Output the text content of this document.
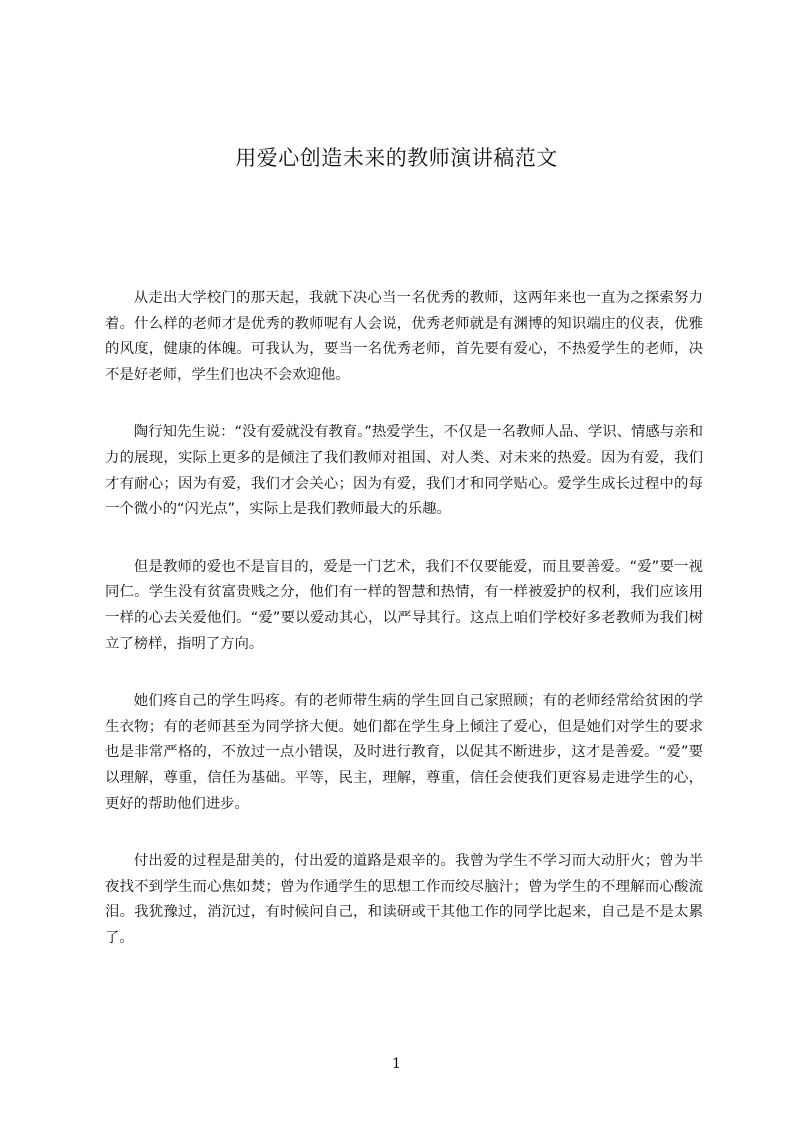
用爱心创造未来的教师演讲稿范文

从走出大学校门的那天起，我就下决心当一名优秀的教师，这两年来也一直为之探索努力着。什么样的老师才是优秀的教师呢有人会说，优秀老师就是有渊博的知识端庄的仪表，优雅的风度，健康的体魄。可我认为，要当一名优秀老师，首先要有爱心，不热爱学生的老师，决不是好老师，学生们也决不会欢迎他。

陶行知先生说：“没有爱就没有教育。”热爱学生，不仅是一名教师人品、学识、情感与亲和力的展现，实际上更多的是倾注了我们教师对祖国、对人类、对未来的热爱。因为有爱，我们才有耐心；因为有爱，我们才会关心；因为有爱，我们才和同学贴心。爱学生成长过程中的每一个微小的“闪光点”，实际上是我们教师最大的乐趣。

但是教师的爱也不是盲目的，爱是一门艺术，我们不仅要能爱，而且要善爱。“爱”要一视同仁。学生没有贫富贵贱之分，他们有一样的智慧和热情，有一样被爱护的权利，我们应该用一样的心去关爱他们。“爱”要以爱动其心，以严导其行。这点上咱们学校好多老教师为我们树立了榜样，指明了方向。

她们疼自己的学生吗疼。有的老师带生病的学生回自己家照顾；有的老师经常给贫困的学生衣物；有的老师甚至为同学挤大便。她们都在学生身上倾注了爱心，但是她们对学生的要求也是非常严格的，不放过一点小错误，及时进行教育，以促其不断进步，这才是善爱。“爱”要以理解，尊重，信任为基础。平等，民主，理解，尊重，信任会使我们更容易走进学生的心，更好的帮助他们进步。

付出爱的过程是甜美的，付出爱的道路是艰辛的。我曾为学生不学习而大动肝火；曾为半夜找不到学生而心焦如焚；曾为作通学生的思想工作而绞尽脑汁；曾为学生的不理解而心酸流泪。我犹豫过，消沉过，有时候问自己，和读研或干其他工作的同学比起来，自己是不是太累了。

1
